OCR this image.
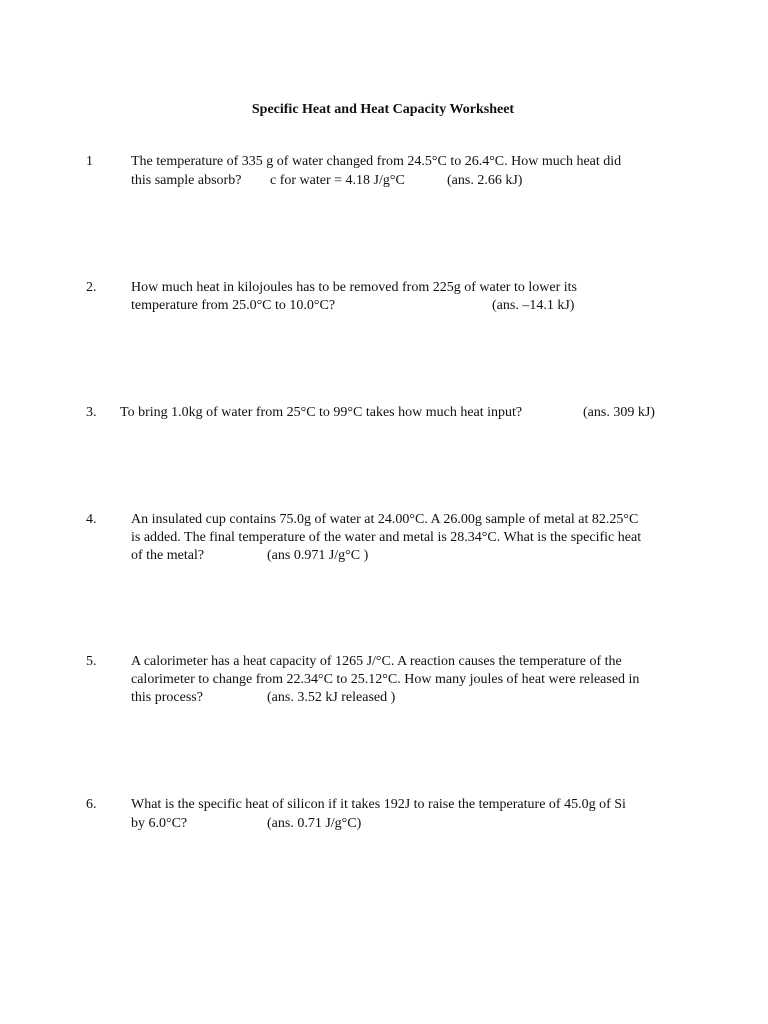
Specific Heat and Heat Capacity Worksheet
1	The temperature of 335 g of water changed from 24.5°C to 26.4°C. How much heat did
this sample absorb? c for water = 4.18 J/g°C	(ans. 2.66 kJ)
2. How much heat in kilojoules has to be removed from 225g of water to lower its
temperature from 25.0°C to 10.0°C?	(ans. –14.1 kJ)
3. To bring 1.0kg of water from 25°C to 99°C takes how much heat input?	(ans. 309 kJ)
4. An insulated cup contains 75.0g of water at 24.00°C. A 26.00g sample of metal at 82.25°C
is added. The final temperature of the water and metal is 28.34°C. What is the specific heat
of the metal?	(ans 0.971 J/g°C )
5. A calorimeter has a heat capacity of 1265 J/°C. A reaction causes the temperature of the
calorimeter to change from 22.34°C to 25.12°C. How many joules of heat were released in
this process?	(ans. 3.52 kJ released )
6. What is the specific heat of silicon if it takes 192J to raise the temperature of 45.0g of Si
by 6.0°C?	(ans. 0.71 J/g°C)
